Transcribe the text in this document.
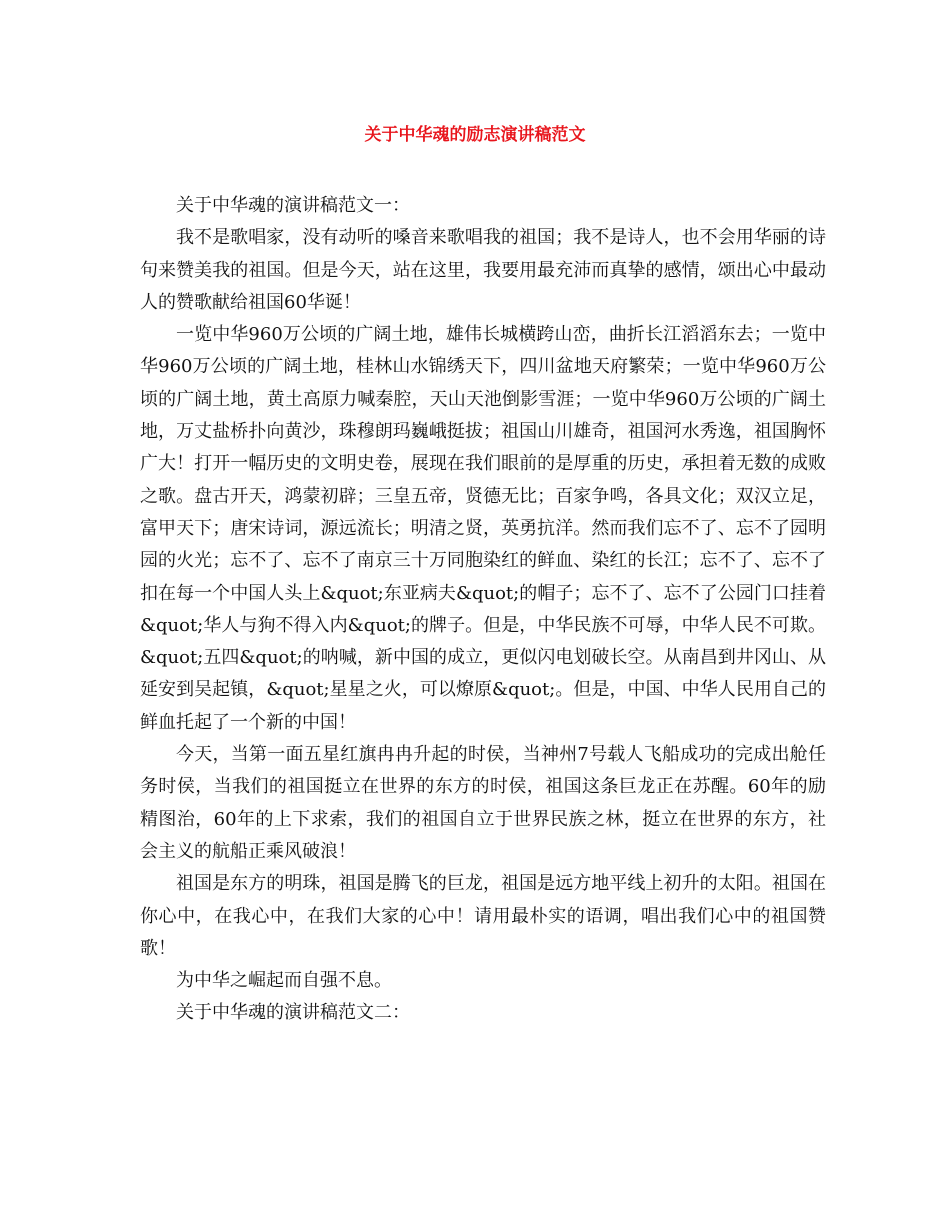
关于中华魂的励志演讲稿范文

关于中华魂的演讲稿范文一：

我不是歌唱家，没有动听的嗓音来歌唱我的祖国；我不是诗人，也不会用华丽的诗句来赞美我的祖国。但是今天，站在这里，我要用最充沛而真挚的感情，颂出心中最动人的赞歌献给祖国60华诞！

一览中华960万公顷的广阔土地，雄伟长城横跨山峦，曲折长江滔滔东去；一览中华960万公顷的广阔土地，桂林山水锦绣天下，四川盆地天府繁荣；一览中华960万公顷的广阔土地，黄土高原力喊秦腔，天山天池倒影雪涯；一览中华960万公顷的广阔土地，万丈盐桥扑向黄沙，珠穆朗玛巍峨挺拔；祖国山川雄奇，祖国河水秀逸，祖国胸怀广大！打开一幅历史的文明史卷，展现在我们眼前的是厚重的历史，承担着无数的成败之歌。盘古开天，鸿蒙初辟；三皇五帝，贤德无比；百家争鸣，各具文化；双汉立足，富甲天下；唐宋诗词，源远流长；明清之贤，英勇抗洋。然而我们忘不了、忘不了园明园的火光；忘不了、忘不了南京三十万同胞染红的鲜血、染红的长江；忘不了、忘不了扣在每一个中国人头上&quot;东亚病夫&quot;的帽子；忘不了、忘不了公园门口挂着&quot;华人与狗不得入内&quot;的牌子。但是，中华民族不可辱，中华人民不可欺。&quot;五四&quot;的呐喊，新中国的成立，更似闪电划破长空。从南昌到井冈山、从延安到吴起镇，&quot;星星之火，可以燎原&quot;。但是，中国、中华人民用自己的鲜血托起了一个新的中国！

今天，当第一面五星红旗冉冉升起的时侯，当神州7号载人飞船成功的完成出舱任务时侯，当我们的祖国挺立在世界的东方的时侯，祖国这条巨龙正在苏醒。60年的励精图治，60年的上下求索，我们的祖国自立于世界民族之林，挺立在世界的东方，社会主义的航船正乘风破浪！

祖国是东方的明珠，祖国是腾飞的巨龙，祖国是远方地平线上初升的太阳。祖国在你心中，在我心中，在我们大家的心中！请用最朴实的语调，唱出我们心中的祖国赞歌！

为中华之崛起而自强不息。

关于中华魂的演讲稿范文二：
